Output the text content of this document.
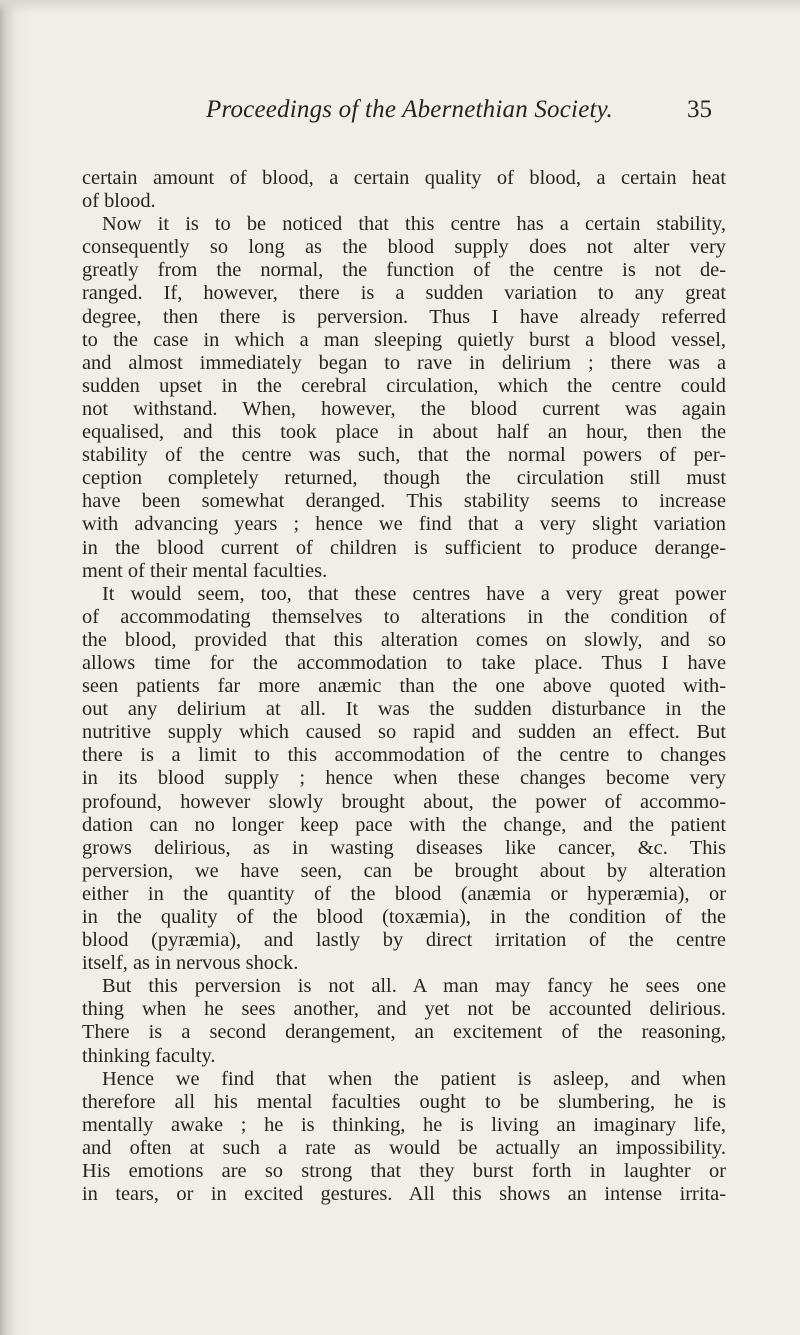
Proceedings of the Abernethian Society.	35
certain amount of blood, a certain quality of blood, a certain heat
of blood.
Now it is to be noticed that this centre has a certain stability,
consequently so long as the blood supply does not alter very
greatly from the normal, the function of the centre is not de-
ranged. If, however, there is a sudden variation to any great
degree, then there is perversion. Thus I have already referred
to the case in which a man sleeping quietly burst a blood vessel,
and almost immediately began to rave in delirium ; there was a
sudden upset in the cerebral circulation, which the centre could
not withstand. When, however, the blood current was again
equalised, and this took place in about half an hour, then the
stability of the centre was such, that the normal powers of per-
ception completely returned, though the circulation still must
have been somewhat deranged. This stability seems to increase
with advancing years ; hence we find that a very slight variation
in the blood current of children is sufficient to produce derange-
ment of their mental faculties.
It would seem, too, that these centres have a very great power
of accommodating themselves to alterations in the condition of
the blood, provided that this alteration comes on slowly, and so
allows time for the accommodation to take place. Thus I have
seen patients far more anæmic than the one above quoted with-
out any delirium at all. It was the sudden disturbance in the
nutritive supply which caused so rapid and sudden an effect. But
there is a limit to this accommodation of the centre to changes
in its blood supply ; hence when these changes become very
profound, however slowly brought about, the power of accommo-
dation can no longer keep pace with the change, and the patient
grows delirious, as in wasting diseases like cancer, &c. This
perversion, we have seen, can be brought about by alteration
either in the quantity of the blood (anæmia or hyperæmia), or
in the quality of the blood (toxæmia), in the condition of the
blood (pyræmia), and lastly by direct irritation of the centre
itself, as in nervous shock.
But this perversion is not all. A man may fancy he sees one
thing when he sees another, and yet not be accounted delirious.
There is a second derangement, an excitement of the reasoning,
thinking faculty.
Hence we find that when the patient is asleep, and when
therefore all his mental faculties ought to be slumbering, he is
mentally awake ; he is thinking, he is living an imaginary life,
and often at such a rate as would be actually an impossibility.
His emotions are so strong that they burst forth in laughter or
in tears, or in excited gestures. All this shows an intense irrita-
